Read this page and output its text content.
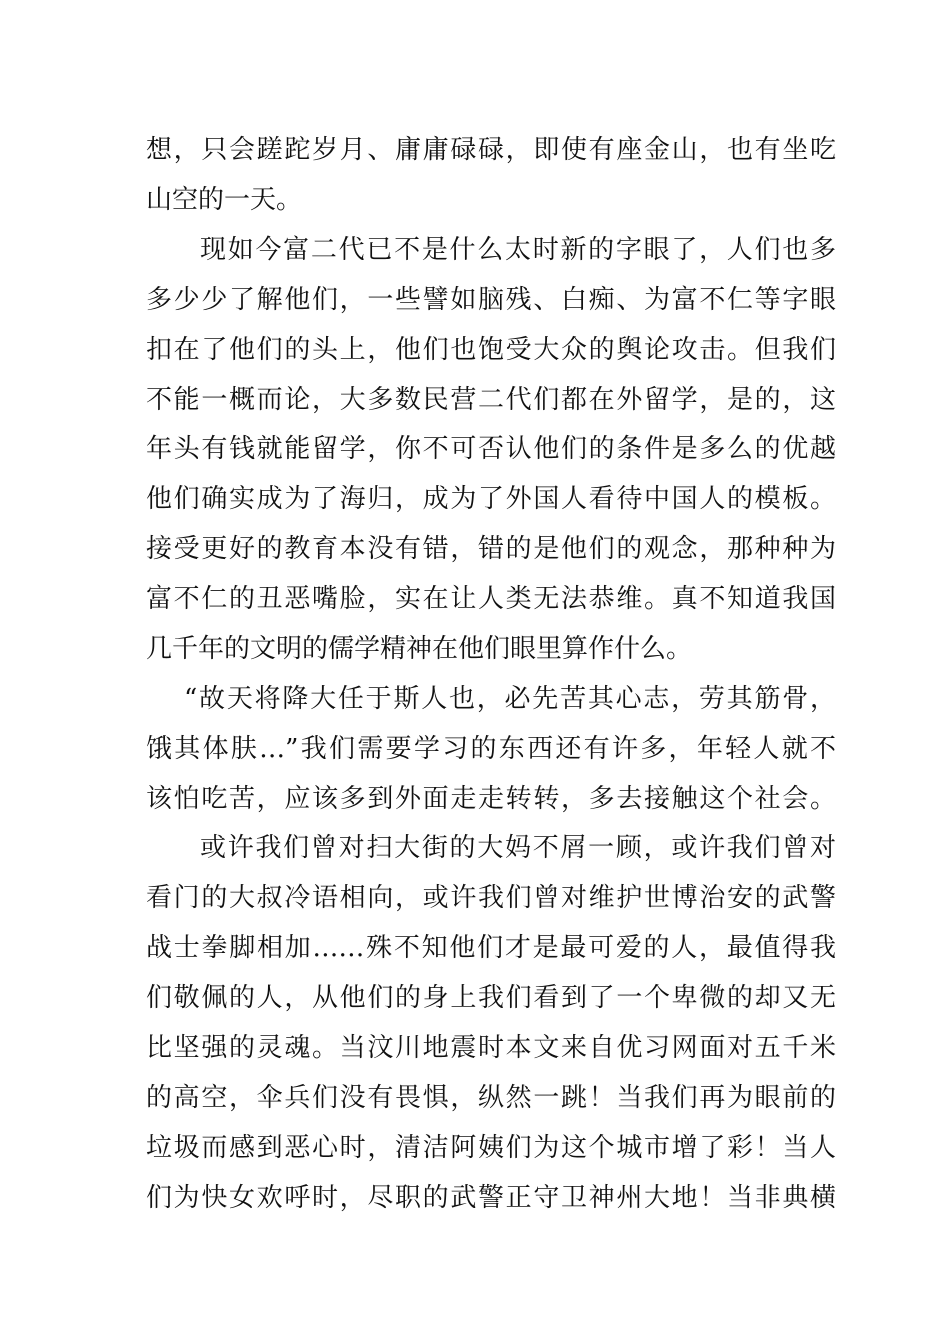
想，只会蹉跎岁月、庸庸碌碌，即使有座金山，也有坐吃
山空的一天。
现如今富二代已不是什么太时新的字眼了，人们也多
多少少了解他们，一些譬如脑残、白痴、为富不仁等字眼
扣在了他们的头上，他们也饱受大众的舆论攻击。但我们
不能一概而论，大多数民营二代们都在外留学，是的，这
年头有钱就能留学，你不可否认他们的条件是多么的优越
他们确实成为了海归，成为了外国人看待中国人的模板。
接受更好的教育本没有错，错的是他们的观念，那种种为
富不仁的丑恶嘴脸，实在让人类无法恭维。真不知道我国
几千年的文明的儒学精神在他们眼里算作什么。
“故天将降大任于斯人也，必先苦其心志，劳其筋骨，
饿其体肤…”我们需要学习的东西还有许多，年轻人就不
该怕吃苦，应该多到外面走走转转，多去接触这个社会。
或许我们曾对扫大街的大妈不屑一顾，或许我们曾对
看门的大叔冷语相向，或许我们曾对维护世博治安的武警
战士拳脚相加……殊不知他们才是最可爱的人，最值得我
们敬佩的人，从他们的身上我们看到了一个卑微的却又无
比坚强的灵魂。当汶川地震时本文来自优习网面对五千米
的高空，伞兵们没有畏惧，纵然一跳！当我们再为眼前的
垃圾而感到恶心时，清洁阿姨们为这个城市增了彩！当人
们为快女欢呼时，尽职的武警正守卫神州大地！当非典横
